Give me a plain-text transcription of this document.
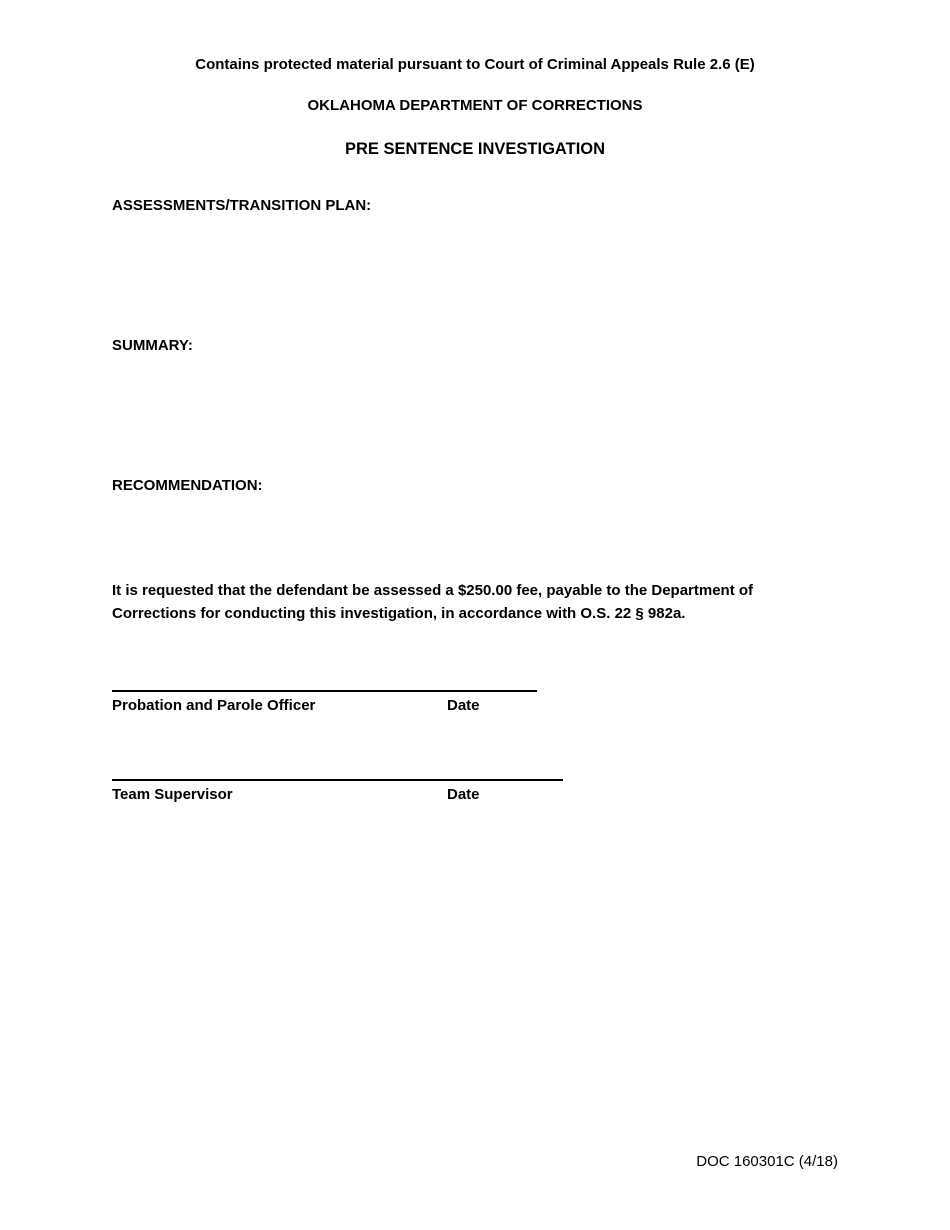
Contains protected material pursuant to Court of Criminal Appeals Rule 2.6 (E)
OKLAHOMA DEPARTMENT OF CORRECTIONS
PRE SENTENCE INVESTIGATION
ASSESSMENTS/TRANSITION PLAN:
SUMMARY:
RECOMMENDATION:
It is requested that the defendant be assessed a $250.00 fee, payable to the Department of
Corrections for conducting this investigation, in accordance with O.S. 22 § 982a.
Probation and Parole Officer	Date
Team Supervisor	Date
DOC 160301C (4/18)
